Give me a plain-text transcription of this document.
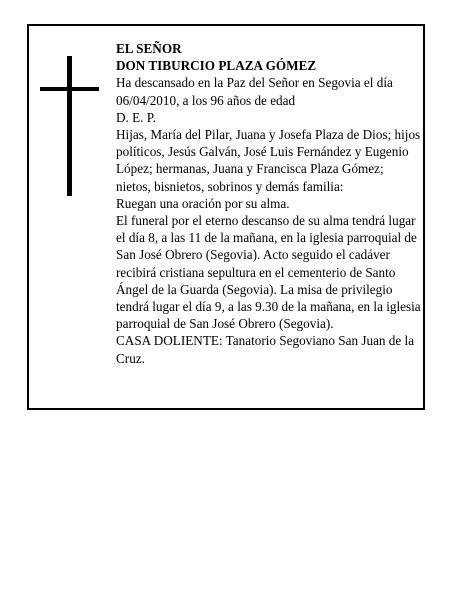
EL SEÑOR

DON TIBURCIO PLAZA GÓMEZ

Ha descansado en la Paz del Señor en Segovia el día 06/04/2010, a los 96 años de edad

D. E. P.

Hijas, María del Pilar, Juana y Josefa Plaza de Dios; hijos políticos, Jesús Galván, José Luis Fernández y Eugenio López; hermanas, Juana y Francisca Plaza Gómez; nietos, bisnietos, sobrinos y demás familia:

Ruegan una oración por su alma.

El funeral por el eterno descanso de su alma tendrá lugar el día 8, a las 11 de la mañana, en la iglesia parroquial de San José Obrero (Segovia). Acto seguido el cadáver recibirá cristiana sepultura en el cementerio de Santo Ángel de la Guarda (Segovia). La misa de privilegio tendrá lugar el día 9, a las 9.30 de la mañana, en la iglesia parroquial de San José Obrero (Segovia).

CASA DOLIENTE: Tanatorio Segoviano San Juan de la Cruz.
